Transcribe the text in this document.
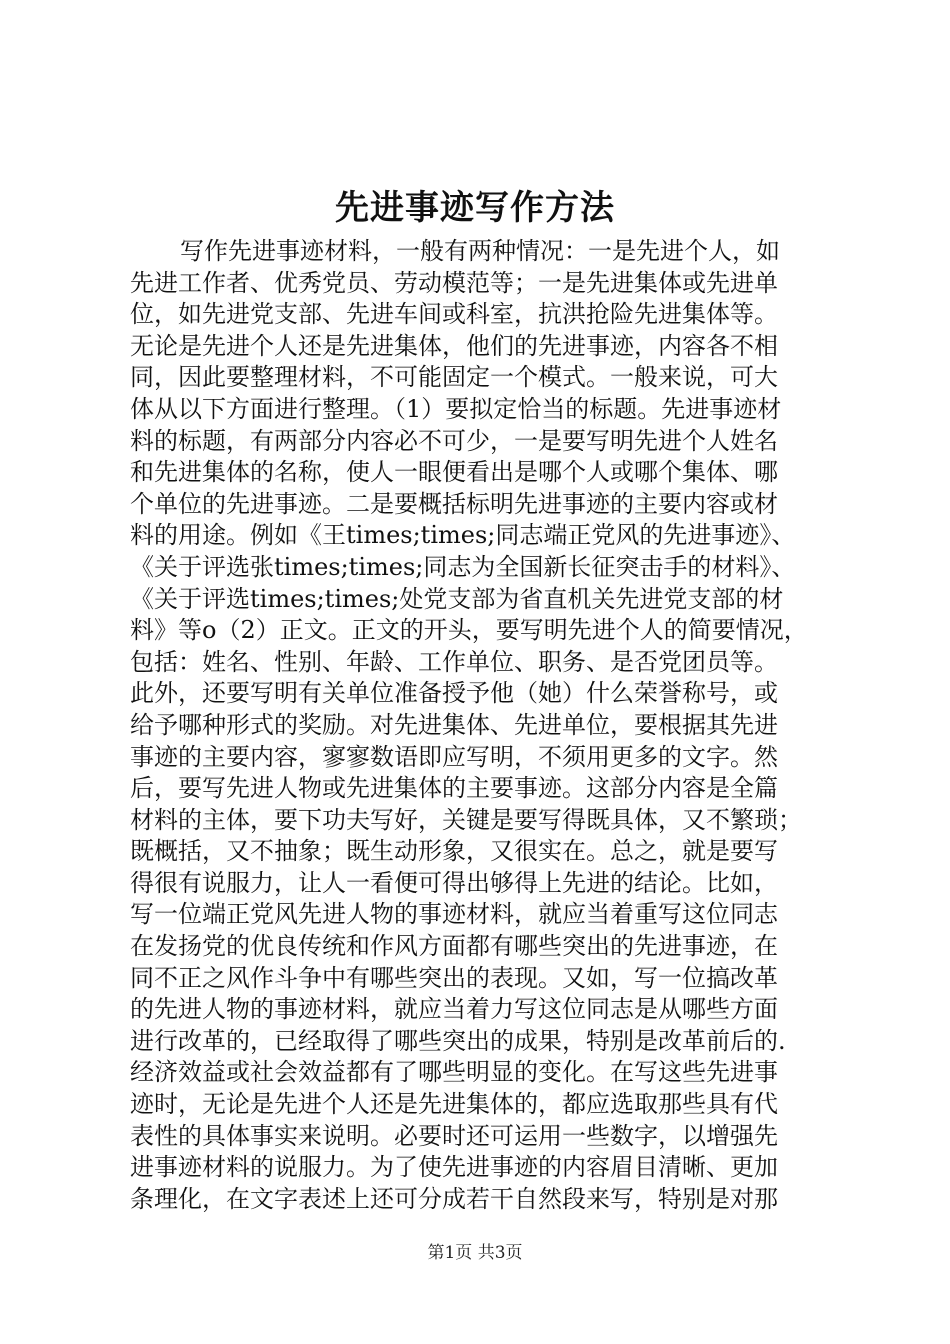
先进事迹写作方法
写作先进事迹材料，一般有两种情况：一是先进个人，如
先进工作者、优秀党员、劳动模范等；一是先进集体或先进单
位，如先进党支部、先进车间或科室，抗洪抢险先进集体等。
无论是先进个人还是先进集体，他们的先进事迹，内容各不相
同，因此要整理材料，不可能固定一个模式。一般来说，可大
体从以下方面进行整理。（1）要拟定恰当的标题。先进事迹材
料的标题，有两部分内容必不可少，一是要写明先进个人姓名
和先进集体的名称，使人一眼便看出是哪个人或哪个集体、哪
个单位的先进事迹。二是要概括标明先进事迹的主要内容或材
料的用途。例如《王times;times;同志端正党风的先进事迹》、
《关于评选张times;times;同志为全国新长征突击手的材料》、
《关于评选times;times;处党支部为省直机关先进党支部的材
料》等o（2）正文。正文的开头，要写明先进个人的简要情况，
包括：姓名、性别、年龄、工作单位、职务、是否党团员等。
此外，还要写明有关单位准备授予他（她）什么荣誉称号，或
给予哪种形式的奖励。对先进集体、先进单位，要根据其先进
事迹的主要内容，寥寥数语即应写明，不须用更多的文字。然
后，要写先进人物或先进集体的主要事迹。这部分内容是全篇
材料的主体，要下功夫写好，关键是要写得既具体，又不繁琐；
既概括，又不抽象；既生动形象，又很实在。总之，就是要写
得很有说服力，让人一看便可得出够得上先进的结论。比如，
写一位端正党风先进人物的事迹材料，就应当着重写这位同志
在发扬党的优良传统和作风方面都有哪些突出的先进事迹，在
同不正之风作斗争中有哪些突出的表现。又如，写一位搞改革
的先进人物的事迹材料，就应当着力写这位同志是从哪些方面
进行改革的，已经取得了哪些突出的成果，特别是改革前后的.
经济效益或社会效益都有了哪些明显的变化。在写这些先进事
迹时，无论是先进个人还是先进集体的，都应选取那些具有代
表性的具体事实来说明。必要时还可运用一些数字，以增强先
进事迹材料的说服力。为了使先进事迹的内容眉目清晰、更加
条理化，在文字表述上还可分成若干自然段来写，特别是对那
第1页 共3页
